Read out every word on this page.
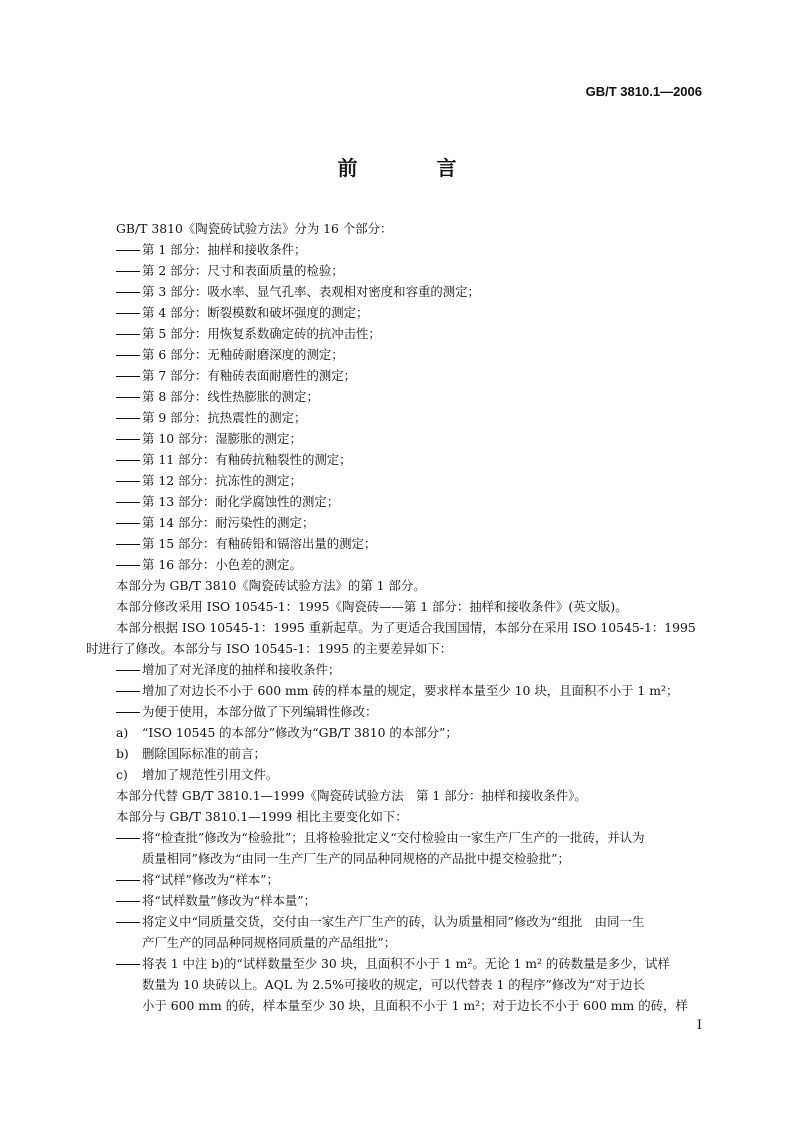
GB/T 3810.1—2006
前 言
GB/T 3810《陶瓷砖试验方法》分为 16 个部分：
第 1 部分：抽样和接收条件；
第 2 部分：尺寸和表面质量的检验；
第 3 部分：吸水率、显气孔率、表观相对密度和容重的测定；
第 4 部分：断裂模数和破坏强度的测定；
第 5 部分：用恢复系数确定砖的抗冲击性；
第 6 部分：无釉砖耐磨深度的测定；
第 7 部分：有釉砖表面耐磨性的测定；
第 8 部分：线性热膨胀的测定；
第 9 部分：抗热震性的测定；
第 10 部分：湿膨胀的测定；
第 11 部分：有釉砖抗釉裂性的测定；
第 12 部分：抗冻性的测定；
第 13 部分：耐化学腐蚀性的测定；
第 14 部分：耐污染性的测定；
第 15 部分：有釉砖铅和镉溶出量的测定；
第 16 部分：小色差的测定。
本部分为 GB/T 3810《陶瓷砖试验方法》的第 1 部分。
本部分修改采用 ISO 10545-1：1995《陶瓷砖——第 1 部分：抽样和接收条件》(英文版)。
本部分根据 ISO 10545-1：1995 重新起草。为了更适合我国国情，本部分在采用 ISO 10545-1：1995
时进行了修改。本部分与 ISO 10545-1：1995 的主要差异如下：
增加了对光泽度的抽样和接收条件；
增加了对边长不小于 600 mm 砖的样本量的规定，要求样本量至少 10 块，且面积不小于 1 m²；
为便于使用，本部分做了下列编辑性修改：
a) “ISO 10545 的本部分”修改为“GB/T 3810 的本部分”；
b) 删除国际标准的前言；
c) 增加了规范性引用文件。
本部分代替 GB/T 3810.1—1999《陶瓷砖试验方法　第 1 部分：抽样和接收条件》。
本部分与 GB/T 3810.1—1999 相比主要变化如下：
将“检查批”修改为“检验批”；且将检验批定义“交付检验由一家生产厂生产的一批砖，并认为
质量相同”修改为“由同一生产厂生产的同品种同规格的产品批中提交检验批”；
将“试样”修改为“样本”；
将“试样数量”修改为“样本量”；
将定义中“同质量交货，交付由一家生产厂生产的砖，认为质量相同”修改为“组批　由同一生
产厂生产的同品种同规格同质量的产品组批”；
将表 1 中注 b)的“试样数量至少 30 块，且面积不小于 1 m²。无论 1 m² 的砖数量是多少，试样
数量为 10 块砖以上。AQL 为 2.5%可接收的规定，可以代替表 1 的程序”修改为“对于边长
小于 600 mm 的砖，样本量至少 30 块，且面积不小于 1 m²；对于边长不小于 600 mm 的砖，样
I
